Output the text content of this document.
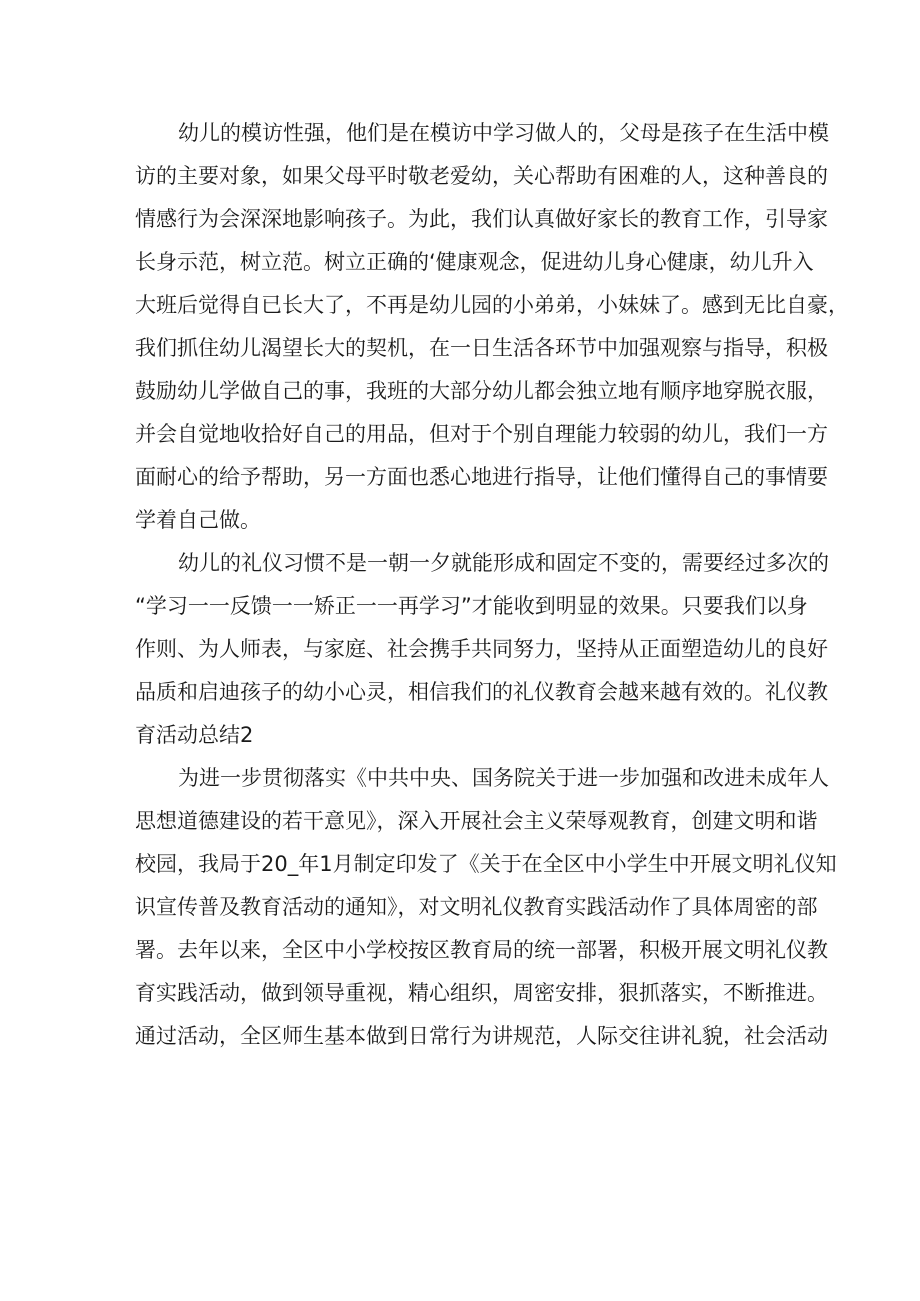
幼儿的模访性强，他们是在模访中学习做人的，父母是孩子在生活中模

访的主要对象，如果父母平时敬老爱幼，关心帮助有困难的人，这种善良的

情感行为会深深地影响孩子。为此，我们认真做好家长的教育工作，引导家

长身示范，树立范。树立正确的‘健康观念，促进幼儿身心健康，幼儿升入

大班后觉得自已长大了，不再是幼儿园的小弟弟，小妹妹了。感到无比自豪，

我们抓住幼儿渴望长大的契机，在一日生活各环节中加强观察与指导，积极

鼓励幼儿学做自己的事，我班的大部分幼儿都会独立地有顺序地穿脱衣服，

并会自觉地收拾好自己的用品，但对于个别自理能力较弱的幼儿，我们一方

面耐心的给予帮助，另一方面也悉心地进行指导，让他们懂得自己的事情要

学着自己做。

幼儿的礼仪习惯不是一朝一夕就能形成和固定不变的，需要经过多次的

“学习一一反馈一一矫正一一再学习”才能收到明显的效果。只要我们以身

作则、为人师表，与家庭、社会携手共同努力，坚持从正面塑造幼儿的良好

品质和启迪孩子的幼小心灵，相信我们的礼仪教育会越来越有效的。礼仪教

育活动总结2

为进一步贯彻落实《中共中央、国务院关于进一步加强和改进未成年人

思想道德建设的若干意见》，深入开展社会主义荣辱观教育，创建文明和谐

校园，我局于20_年1月制定印发了《关于在全区中小学生中开展文明礼仪知

识宣传普及教育活动的通知》，对文明礼仪教育实践活动作了具体周密的部

署。去年以来，全区中小学校按区教育局的统一部署，积极开展文明礼仪教

育实践活动，做到领导重视，精心组织，周密安排，狠抓落实，不断推进。

通过活动，全区师生基本做到日常行为讲规范，人际交往讲礼貌，社会活动
